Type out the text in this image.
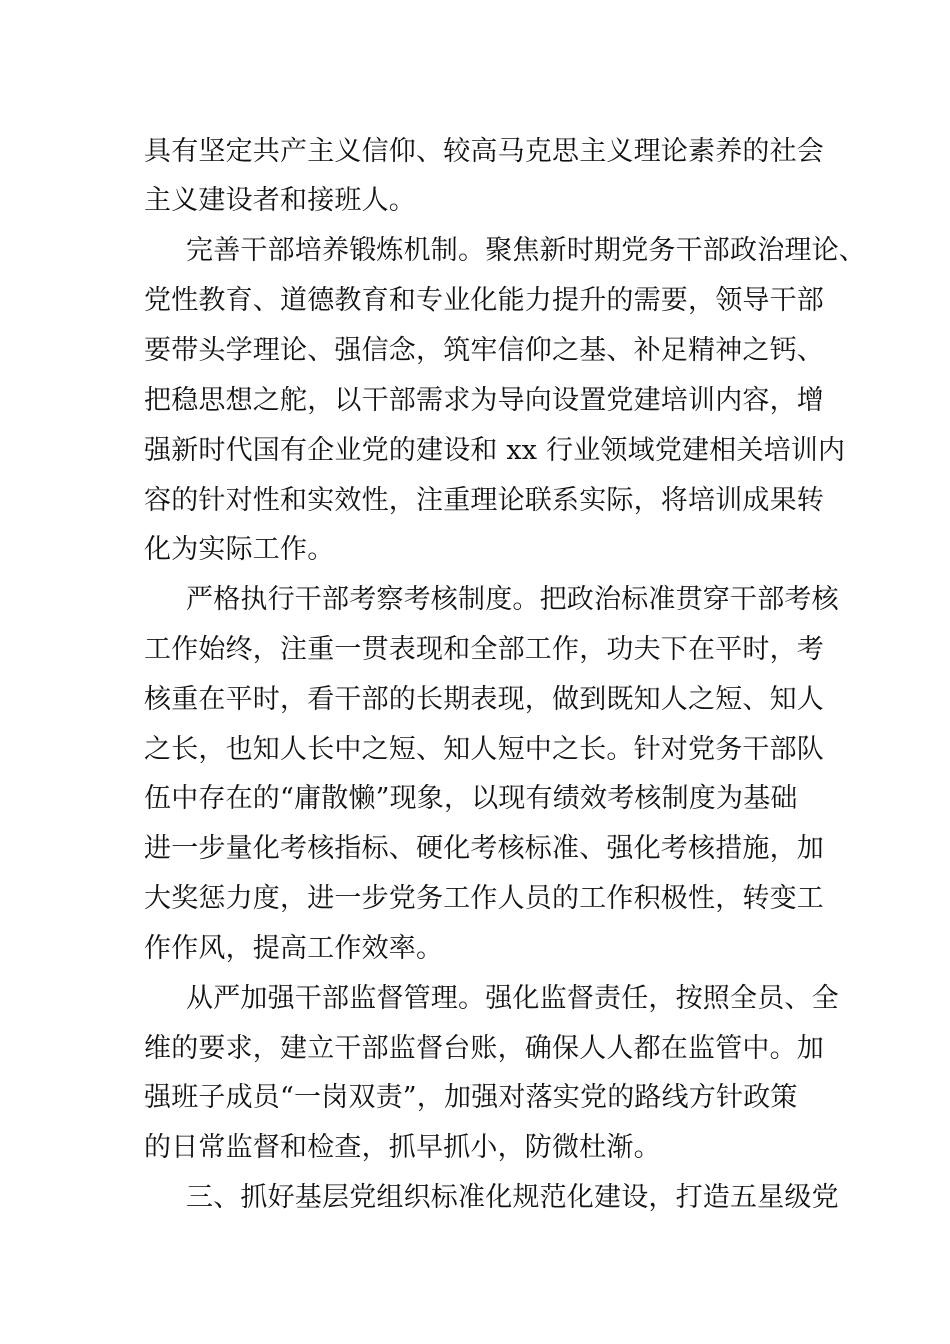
具有坚定共产主义信仰、较高马克思主义理论素养的社会
主义建设者和接班人。
完善干部培养锻炼机制。聚焦新时期党务干部政治理论、
党性教育、道德教育和专业化能力提升的需要，领导干部
要带头学理论、强信念，筑牢信仰之基、补足精神之钙、
把稳思想之舵，以干部需求为导向设置党建培训内容，增
强新时代国有企业党的建设和 xx 行业领域党建相关培训内
容的针对性和实效性，注重理论联系实际，将培训成果转
化为实际工作。
严格执行干部考察考核制度。把政治标准贯穿干部考核
工作始终，注重一贯表现和全部工作，功夫下在平时，考
核重在平时，看干部的长期表现，做到既知人之短、知人
之长，也知人长中之短、知人短中之长。针对党务干部队
伍中存在的“庸散懒”现象，以现有绩效考核制度为基础
进一步量化考核指标、硬化考核标准、强化考核措施，加
大奖惩力度，进一步党务工作人员的工作积极性，转变工
作作风，提高工作效率。
从严加强干部监督管理。强化监督责任，按照全员、全
维的要求，建立干部监督台账，确保人人都在监管中。加
强班子成员“一岗双责”，加强对落实党的路线方针政策
的日常监督和检查，抓早抓小，防微杜渐。
三、抓好基层党组织标准化规范化建设，打造五星级党
